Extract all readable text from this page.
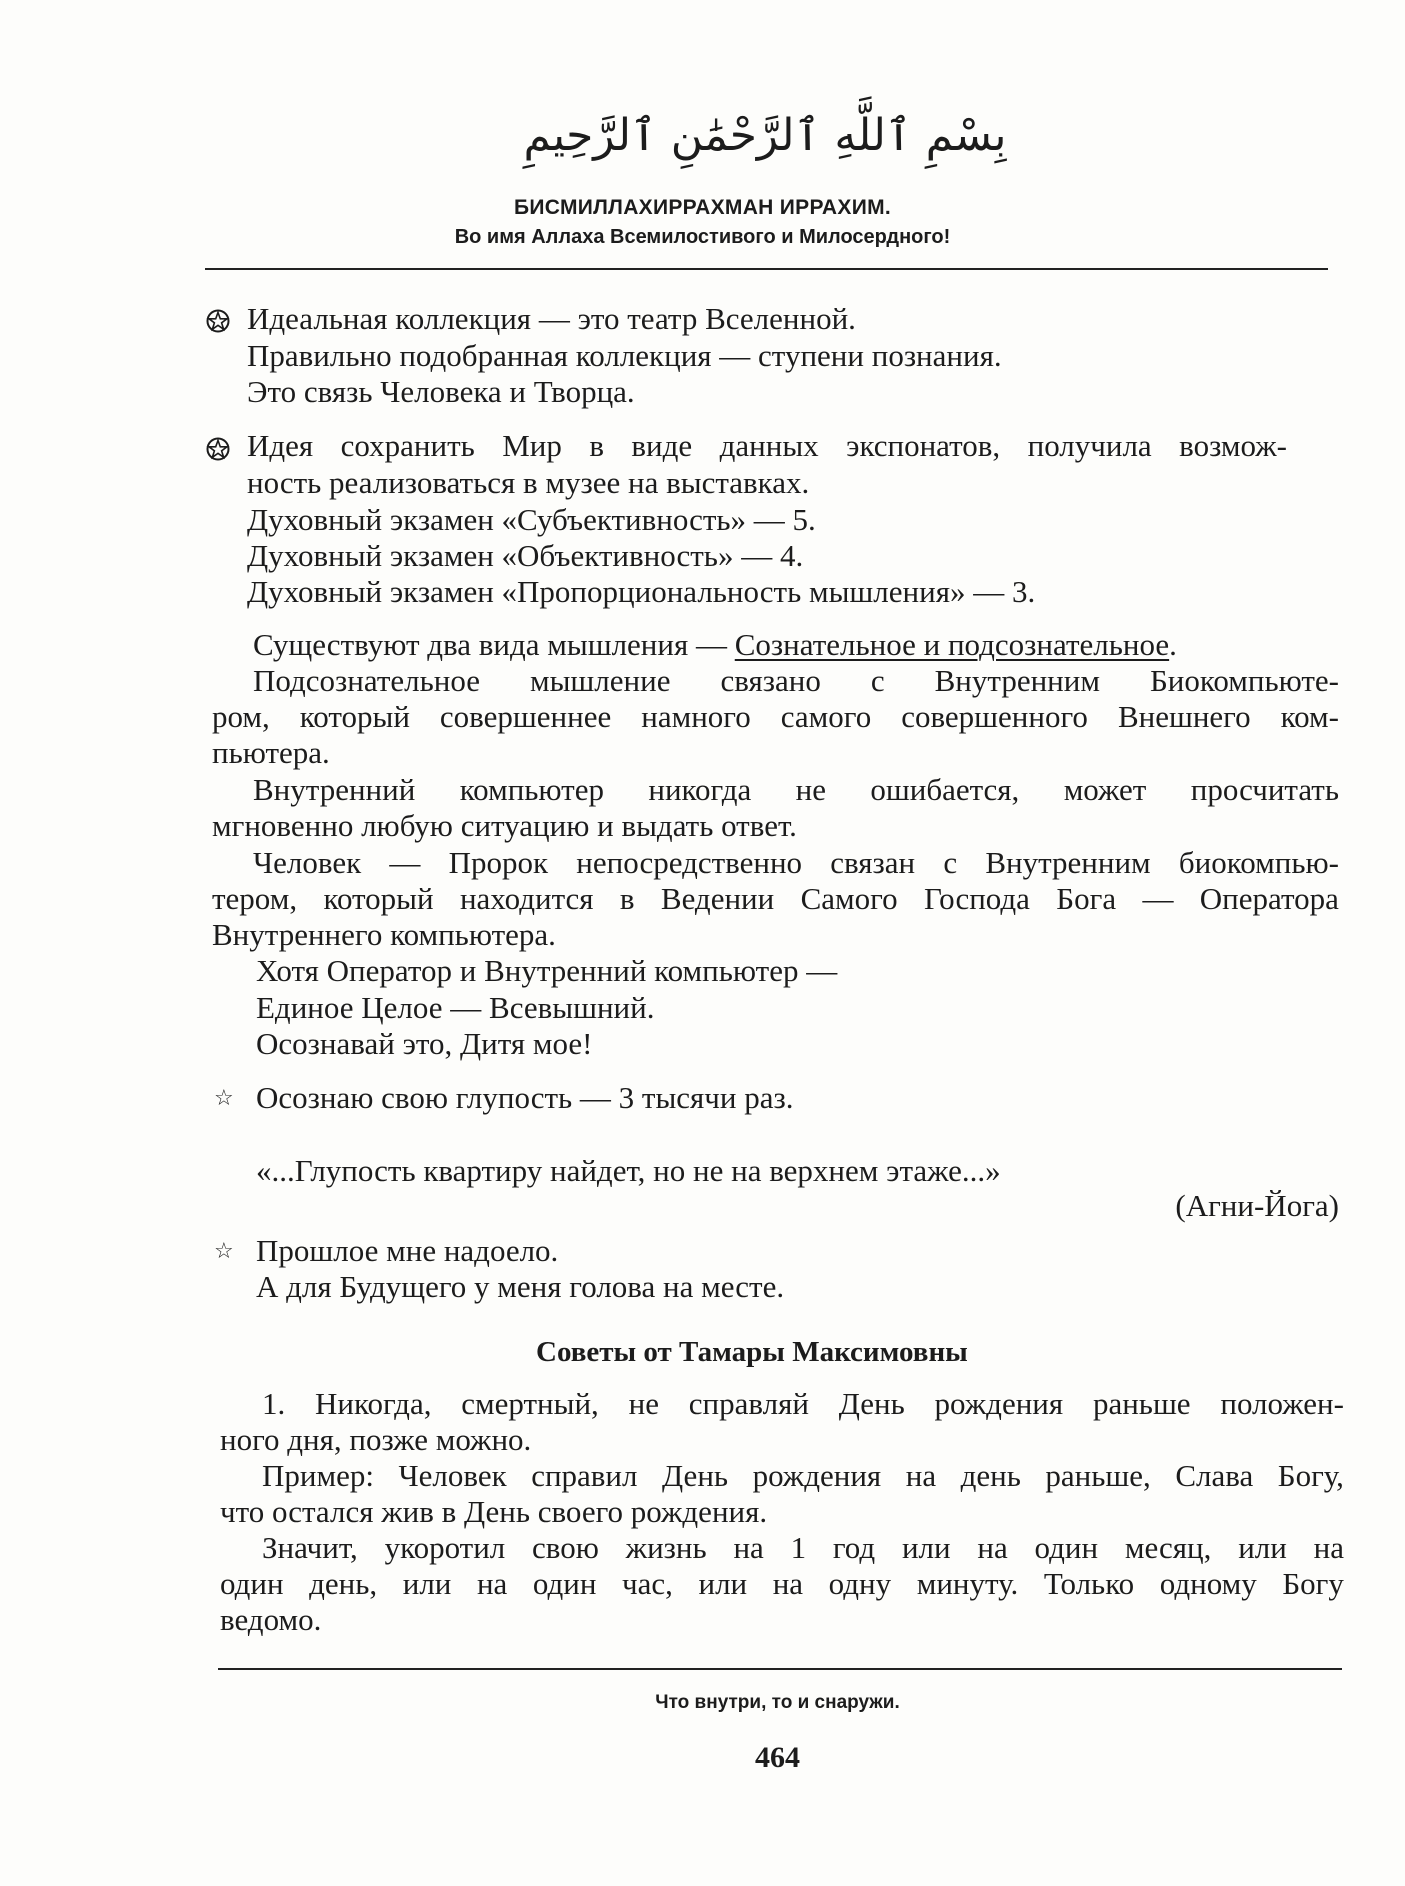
بِسْمِ ٱللَّهِ ٱلرَّحْمَٰنِ ٱلرَّحِيمِ
БИСМИЛЛАХИРРАХМАН ИРРАХИМ.
Во имя Аллаха Всемилостивого и Милосердного!
Идеальная коллекция — это театр Вселенной.
Правильно подобранная коллекция — ступени познания.
Это связь Человека и Творца.
Идея сохранить Мир в виде данных экспонатов, получила возмож-
ность реализоваться в музее на выставках.
Духовный экзамен «Субъективность» — 5.
Духовный экзамен «Объективность» — 4.
Духовный экзамен «Пропорциональность мышления» — 3.
Существуют два вида мышления — Сознательное и подсознательное.
Подсознательное мышление связано с Внутренним Биокомпьюте-
ром, который совершеннее намного самого совершенного Внешнего ком-
пьютера.
Внутренний компьютер никогда не ошибается, может просчитать
мгновенно любую ситуацию и выдать ответ.
Человек — Пророк непосредственно связан с Внутренним биокомпью-
тером, который находится в Ведении Самого Господа Бога — Оператора
Внутреннего компьютера.
Хотя Оператор и Внутренний компьютер —
Единое Целое — Всевышний.
Осознавай это, Дитя мое!
☆ Осознаю свою глупость — 3 тысячи раз.
«...Глупость квартиру найдет, но не на верхнем этаже...»
(Агни-Йога)
☆ Прошлое мне надоело.
А для Будущего у меня голова на месте.
Советы от Тамары Максимовны
1. Никогда, смертный, не справляй День рождения раньше положен-
ного дня, позже можно.
Пример: Человек справил День рождения на день раньше, Слава Богу,
что остался жив в День своего рождения.
Значит, укоротил свою жизнь на 1 год или на один месяц, или на
один день, или на один час, или на одну минуту. Только одному Богу
ведомо.
Что внутри, то и снаружи.
464
